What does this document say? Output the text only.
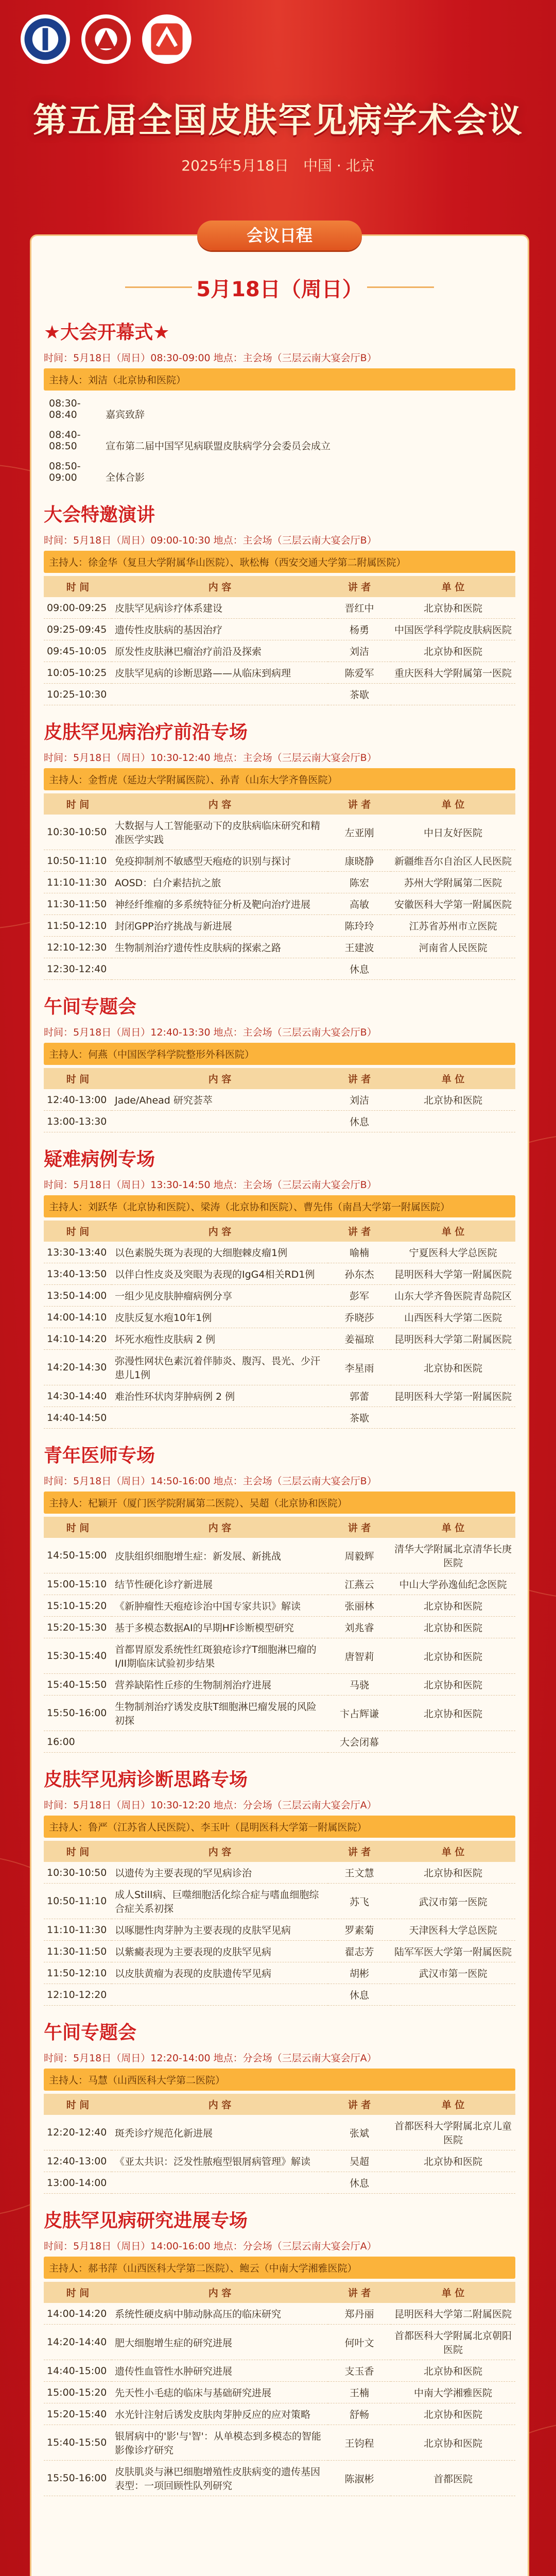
第五届全国皮肤罕见病学术会议
2025年5月18日　中国 · 北京
会议日程
5月18日（周日）
★大会开幕式★
时间：5月18日（周日）08:30-09:00 地点：主会场（三层云南大宴会厅B）
主持人：刘洁（北京协和医院）
08:30-08:40	嘉宾致辞
08:40-08:50	宣布第二届中国罕见病联盟皮肤病学分会委员会成立
08:50-09:00	全体合影
大会特邀演讲
时间：5月18日（周日）09:00-10:30 地点：主会场（三层云南大宴会厅B）
主持人：徐金华（复旦大学附属华山医院）、耿松梅（西安交通大学第二附属医院）
时 间	内 容	讲 者	单 位
09:00-09:25	皮肤罕见病诊疗体系建设	晋红中	北京协和医院
09:25-09:45	遗传性皮肤病的基因治疗	杨勇	中国医学科学院皮肤病医院
09:45-10:05	原发性皮肤淋巴瘤治疗前沿及探索	刘洁	北京协和医院
10:05-10:25	皮肤罕见病的诊断思路——从临床到病理	陈爱军	重庆医科大学附属第一医院
10:25-10:30		茶歇	
皮肤罕见病治疗前沿专场
时间：5月18日（周日）10:30-12:40 地点：主会场（三层云南大宴会厅B）
主持人：金哲虎（延边大学附属医院）、孙青（山东大学齐鲁医院）
时 间	内 容	讲 者	单 位
10:30-10:50	大数据与人工智能驱动下的皮肤病临床研究和精准医学实践	左亚刚	中日友好医院
10:50-11:10	免疫抑制剂不敏感型天疱疮的识别与探讨	康晓静	新疆维吾尔自治区人民医院
11:10-11:30	AOSD：白介素拮抗之旅	陈宏	苏州大学附属第二医院
11:30-11:50	神经纤维瘤的多系统特征分析及靶向治疗进展	高敏	安徽医科大学第一附属医院
11:50-12:10	封闭GPP治疗挑战与新进展	陈玲玲	江苏省苏州市立医院
12:10-12:30	生物制剂治疗遗传性皮肤病的探索之路	王建波	河南省人民医院
12:30-12:40		休息	
午间专题会
时间：5月18日（周日）12:40-13:30 地点：主会场（三层云南大宴会厅B）
主持人：何燕（中国医学科学院整形外科医院）
时 间	内 容	讲 者	单 位
12:40-13:00	Jade/Ahead 研究荟萃	刘洁	北京协和医院
13:00-13:30		休息	
疑难病例专场
时间：5月18日（周日）13:30-14:50 地点：主会场（三层云南大宴会厅B）
主持人：刘跃华（北京协和医院）、梁涛（北京协和医院）、曹先伟（南昌大学第一附属医院）
时 间	内 容	讲 者	单 位
13:30-13:40	以色素脱失斑为表现的大细胞棘皮瘤1例	喻楠	宁夏医科大学总医院
13:40-13:50	以伴白性皮炎及突眼为表现的IgG4相关RD1例	孙东杰	昆明医科大学第一附属医院
13:50-14:00	一组少见皮肤肿瘤病例分享	彭军	山东大学齐鲁医院青岛院区
14:00-14:10	皮肤反复水疱10年1例	乔晓莎	山西医科大学第二医院
14:10-14:20	坏死水疱性皮肤病 2 例	姜福琼	昆明医科大学第二附属医院
14:20-14:30	弥漫性网状色素沉着伴肺炎、腹泻、畏光、少汗患儿1例	李星雨	北京协和医院
14:30-14:40	难治性环状肉芽肿病例 2 例	郭蕾	昆明医科大学第一附属医院
14:40-14:50		茶歇	
青年医师专场
时间：5月18日（周日）14:50-16:00 地点：主会场（三层云南大宴会厅B）
主持人：杞颖开（厦门医学院附属第二医院）、吴超（北京协和医院）
时 间	内 容	讲 者	单 位
14:50-15:00	皮肤组织细胞增生症：新发展、新挑战	周毅辉	清华大学附属北京清华长庚医院
15:00-15:10	结节性硬化诊疗新进展	江燕云	中山大学孙逸仙纪念医院
15:10-15:20	《新肿瘤性天疱疮诊治中国专家共识》解读	张丽林	北京协和医院
15:20-15:30	基于多模态数据AI的早期HF诊断模型研究	刘兆睿	北京协和医院
15:30-15:40	首都胃原发系统性红斑狼疮诊疗T细胞淋巴瘤的I/II期临床试验初步结果	唐智莉	北京协和医院
15:40-15:50	营养缺陷性丘疹的生物制剂治疗进展	马骁	北京协和医院
15:50-16:00	生物制剂治疗诱发皮肤T细胞淋巴瘤发展的风险初探	卞占辉谦	北京协和医院
16:00		大会闭幕	
皮肤罕见病诊断思路专场
时间：5月18日（周日）10:30-12:20 地点：分会场（三层云南大宴会厅A）
主持人：鲁严（江苏省人民医院）、李玉叶（昆明医科大学第一附属医院）
时 间	内 容	讲 者	单 位
10:30-10:50	以遗传为主要表现的罕见病诊治	王文慧	北京协和医院
10:50-11:10	成人Still病、巨噬细胞活化综合症与嗜血细胞综合症关系初探	苏飞	武汉市第一医院
11:10-11:30	以啄腮性肉芽肿为主要表现的皮肤罕见病	罗素菊	天津医科大学总医院
11:30-11:50	以紫癜表现为主要表现的皮肤罕见病	翟志芳	陆军军医大学第一附属医院
11:50-12:10	以皮肤黄瘤为表现的皮肤遗传罕见病	胡彬	武汉市第一医院
12:10-12:20		休息	
午间专题会
时间：5月18日（周日）12:20-14:00 地点：分会场（三层云南大宴会厅A）
主持人：马慧（山西医科大学第二医院）
时 间	内 容	讲 者	单 位
12:20-12:40	斑秃诊疗规范化新进展	张斌	首都医科大学附属北京儿童医院
12:40-13:00	《亚太共识：泛发性脓疱型银屑病管理》解读	吴超	北京协和医院
13:00-14:00		休息	
皮肤罕见病研究进展专场
时间：5月18日（周日）14:00-16:00 地点：分会场（三层云南大宴会厅A）
主持人：郝书萍（山西医科大学第二医院）、鲍云（中南大学湘雅医院）
时 间	内 容	讲 者	单 位
14:00-14:20	系统性硬皮病中肺动脉高压的临床研究	郑丹丽	昆明医科大学第二附属医院
14:20-14:40	肥大细胞增生症的研究进展	何叶文	首都医科大学附属北京朝阳医院
14:40-15:00	遗传性血管性水肿研究进展	支玉香	北京协和医院
15:00-15:20	先天性小毛痣的临床与基础研究进展	王楠	中南大学湘雅医院
15:20-15:40	水光针注射后诱发皮肤肉芽肿反应的应对策略	舒畅	北京协和医院
15:40-15:50	银屑病中的'影'与'智'：从单模态到多模态的智能影像诊疗研究	王钧程	北京协和医院
15:50-16:00	皮肤肌炎与淋巴细胞增殖性皮肤病变的遗传基因表型：一项回顾性队列研究	陈淑彬	首都医院
